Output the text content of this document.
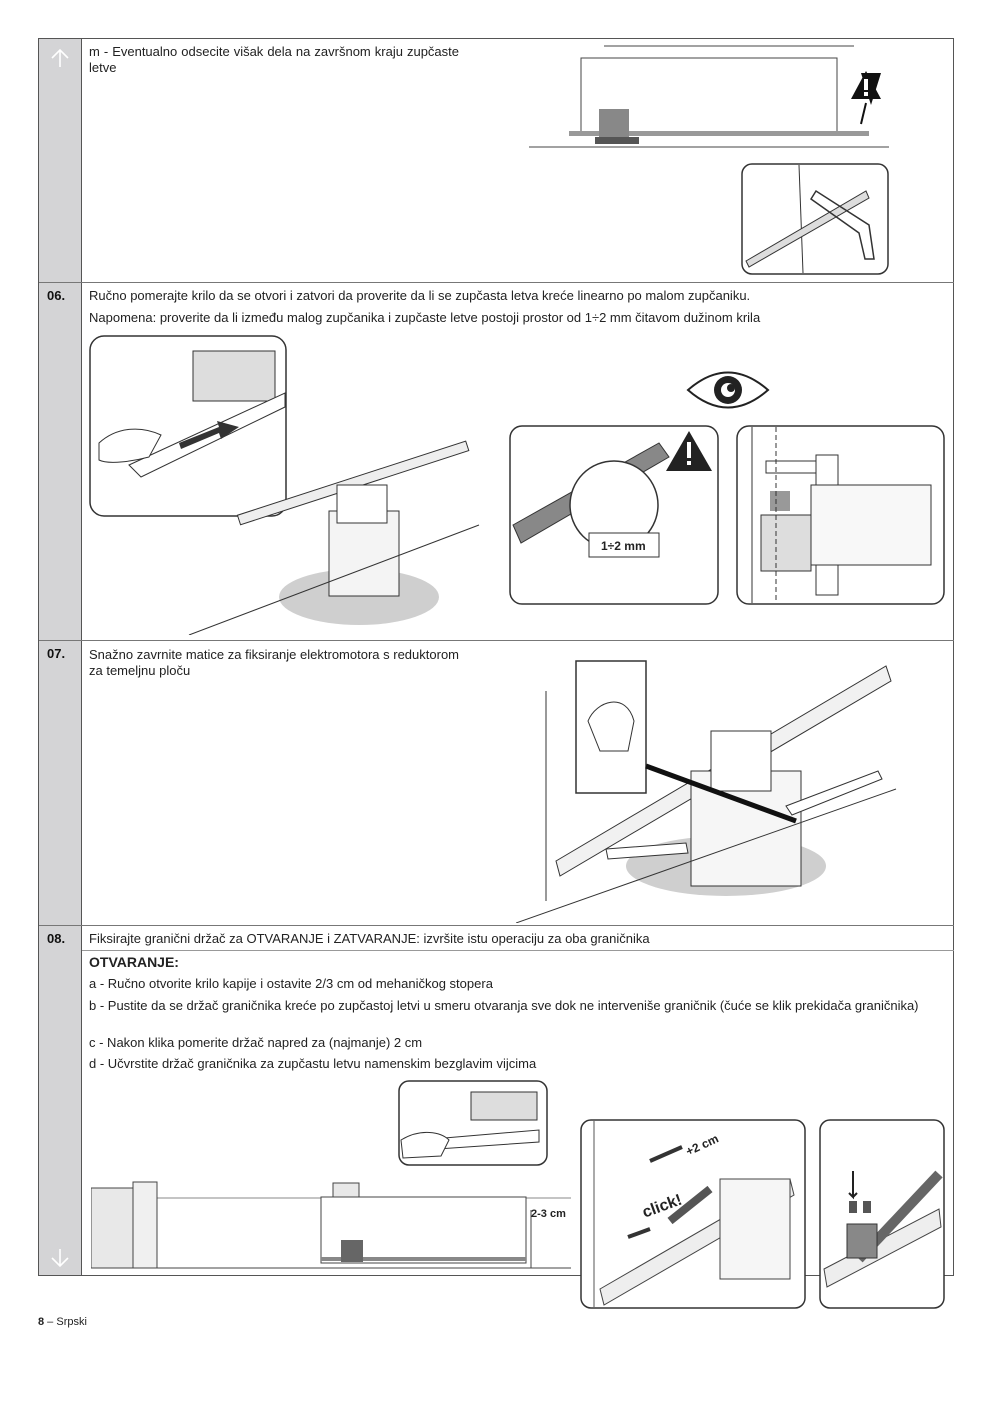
m - Eventualno odsecite višak dela na završnom kraju zupčaste letve
06. Ručno pomerajte krilo da se otvori i zatvori da proverite da li se zupčasta letva kreće linearno po malom zupčaniku.
Napomena: proverite da li između malog zupčanika i zupčaste letve postoji prostor od 1÷2 mm čitavom dužinom krila
1÷2 mm
07. Snažno zavrnite matice za fiksiranje elektromotora s reduktorom za temeljnu ploču
08. Fiksirajte granični držač za OTVARANJE i ZATVARANJE: izvršite istu operaciju za oba graničnika
OTVARANJE:
a - Ručno otvorite krilo kapije i ostavite 2/3 cm od mehaničkog stopera
b - Pustite da se držač graničnika kreće po zupčastoj letvi u smeru otvaranja sve dok ne interveniše graničnik (čuće se klik prekidača graničnika)
c - Nakon klika pomerite držač napred za (najmanje) 2 cm
d - Učvrstite držač graničnika za zupčastu letvu namenskim bezglavim vijcima
2-3 cm
+2 cm
click!
8 – Srpski
